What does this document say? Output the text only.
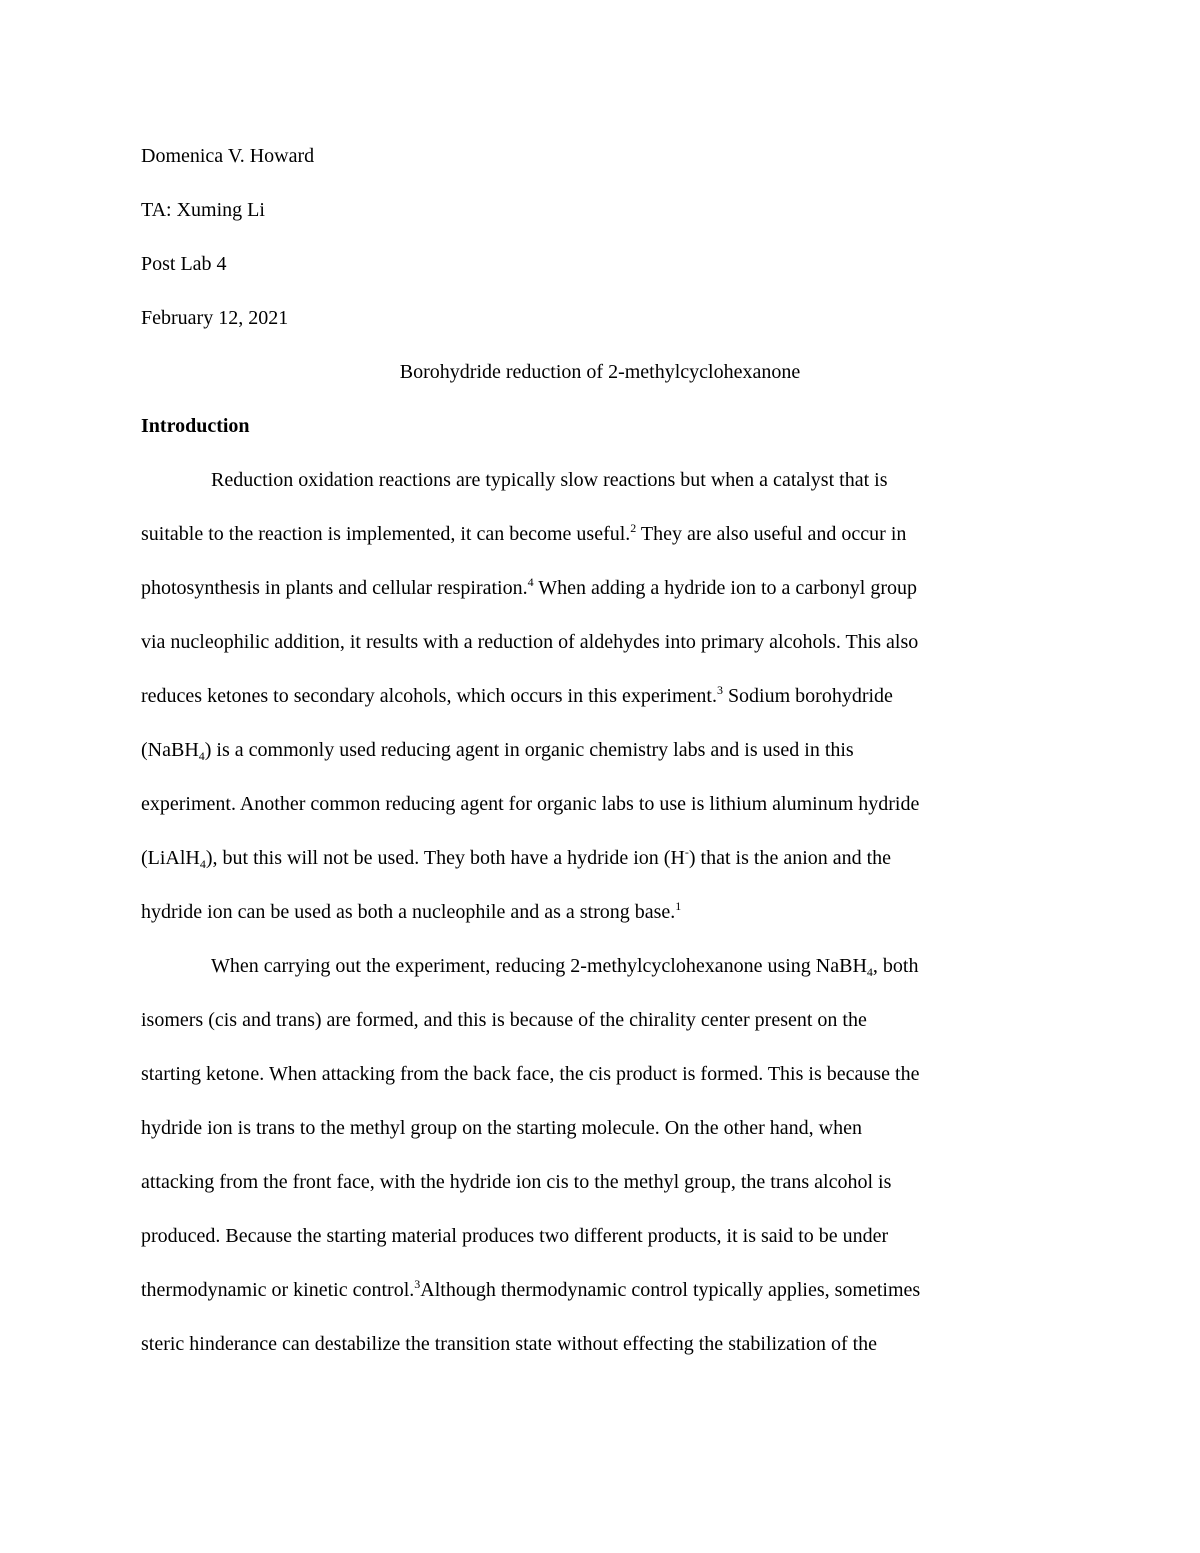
Domenica V. Howard
TA: Xuming Li
Post Lab 4
February 12, 2021
Borohydride reduction of 2-methylcyclohexanone
Introduction
Reduction oxidation reactions are typically slow reactions but when a catalyst that is
suitable to the reaction is implemented, it can become useful.$^2$ They are also useful and occur in
photosynthesis in plants and cellular respiration.$^4$ When adding a hydride ion to a carbonyl group
via nucleophilic addition, it results with a reduction of aldehydes into primary alcohols. This also
reduces ketones to secondary alcohols, which occurs in this experiment.$^3$ Sodium borohydride
(NaBH$_4$) is a commonly used reducing agent in organic chemistry labs and is used in this
experiment. Another common reducing agent for organic labs to use is lithium aluminum hydride
(LiAlH$_4$), but this will not be used. They both have a hydride ion (H-) that is the anion and the
hydride ion can be used as both a nucleophile and as a strong base.$^1$
When carrying out the experiment, reducing 2-methylcyclohexanone using NaBH$_4$, both
isomers (cis and trans) are formed, and this is because of the chirality center present on the
starting ketone. When attacking from the back face, the cis product is formed. This is because the
hydride ion is trans to the methyl group on the starting molecule. On the other hand, when
attacking from the front face, with the hydride ion cis to the methyl group, the trans alcohol is
produced. Because the starting material produces two different products, it is said to be under
thermodynamic or kinetic control.$^3$Although thermodynamic control typically applies, sometimes
steric hinderance can destabilize the transition state without effecting the stabilization of the
